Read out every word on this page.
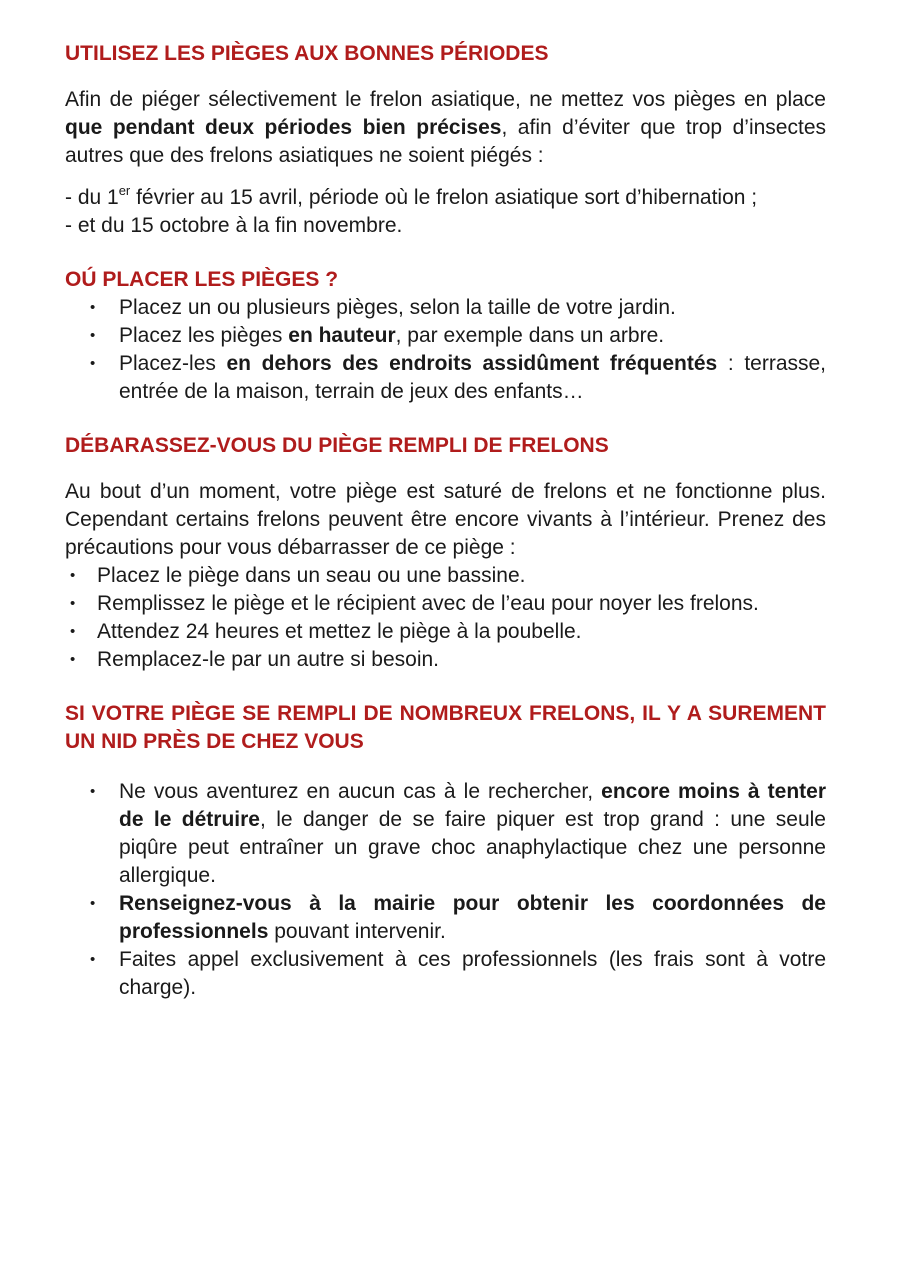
UTILISEZ LES PIÈGES AUX BONNES PÉRIODES

Afin de piéger sélectivement le frelon asiatique, ne mettez vos pièges en place que pendant deux périodes bien précises, afin d’éviter que trop d’insectes autres que des frelons asiatiques ne soient piégés :

- du 1er février au 15 avril, période où le frelon asiatique sort d’hibernation ;

- et du 15 octobre à la fin novembre.

OÚ PLACER LES PIÈGES ?
• Placez un ou plusieurs pièges, selon la taille de votre jardin.
• Placez les pièges en hauteur, par exemple dans un arbre.
• Placez-les en dehors des endroits assidûment fréquentés : terrasse, entrée de la maison, terrain de jeux des enfants…
DÉBARASSEZ-VOUS DU PIÈGE REMPLI DE FRELONS

Au bout d’un moment, votre piège est saturé de frelons et ne fonctionne plus. Cependant certains frelons peuvent être encore vivants à l’intérieur. Prenez des précautions pour vous débarrasser de ce piège :

• Placez le piège dans un seau ou une bassine.
• Remplissez le piège et le récipient avec de l’eau pour noyer les frelons.
• Attendez 24 heures et mettez le piège à la poubelle.
• Remplacez-le par un autre si besoin.
SI VOTRE PIÈGE SE REMPLI DE NOMBREUX FRELONS, IL Y A SUREMENT UN NID PRÈS DE CHEZ VOUS
• Ne vous aventurez en aucun cas à le rechercher, encore moins à tenter de le détruire, le danger de se faire piquer est trop grand : une seule piqûre peut entraîner un grave choc anaphylactique chez une personne allergique.
• Renseignez-vous à la mairie pour obtenir les coordonnées de professionnels pouvant intervenir.
• Faites appel exclusivement à ces professionnels (les frais sont à votre charge).
